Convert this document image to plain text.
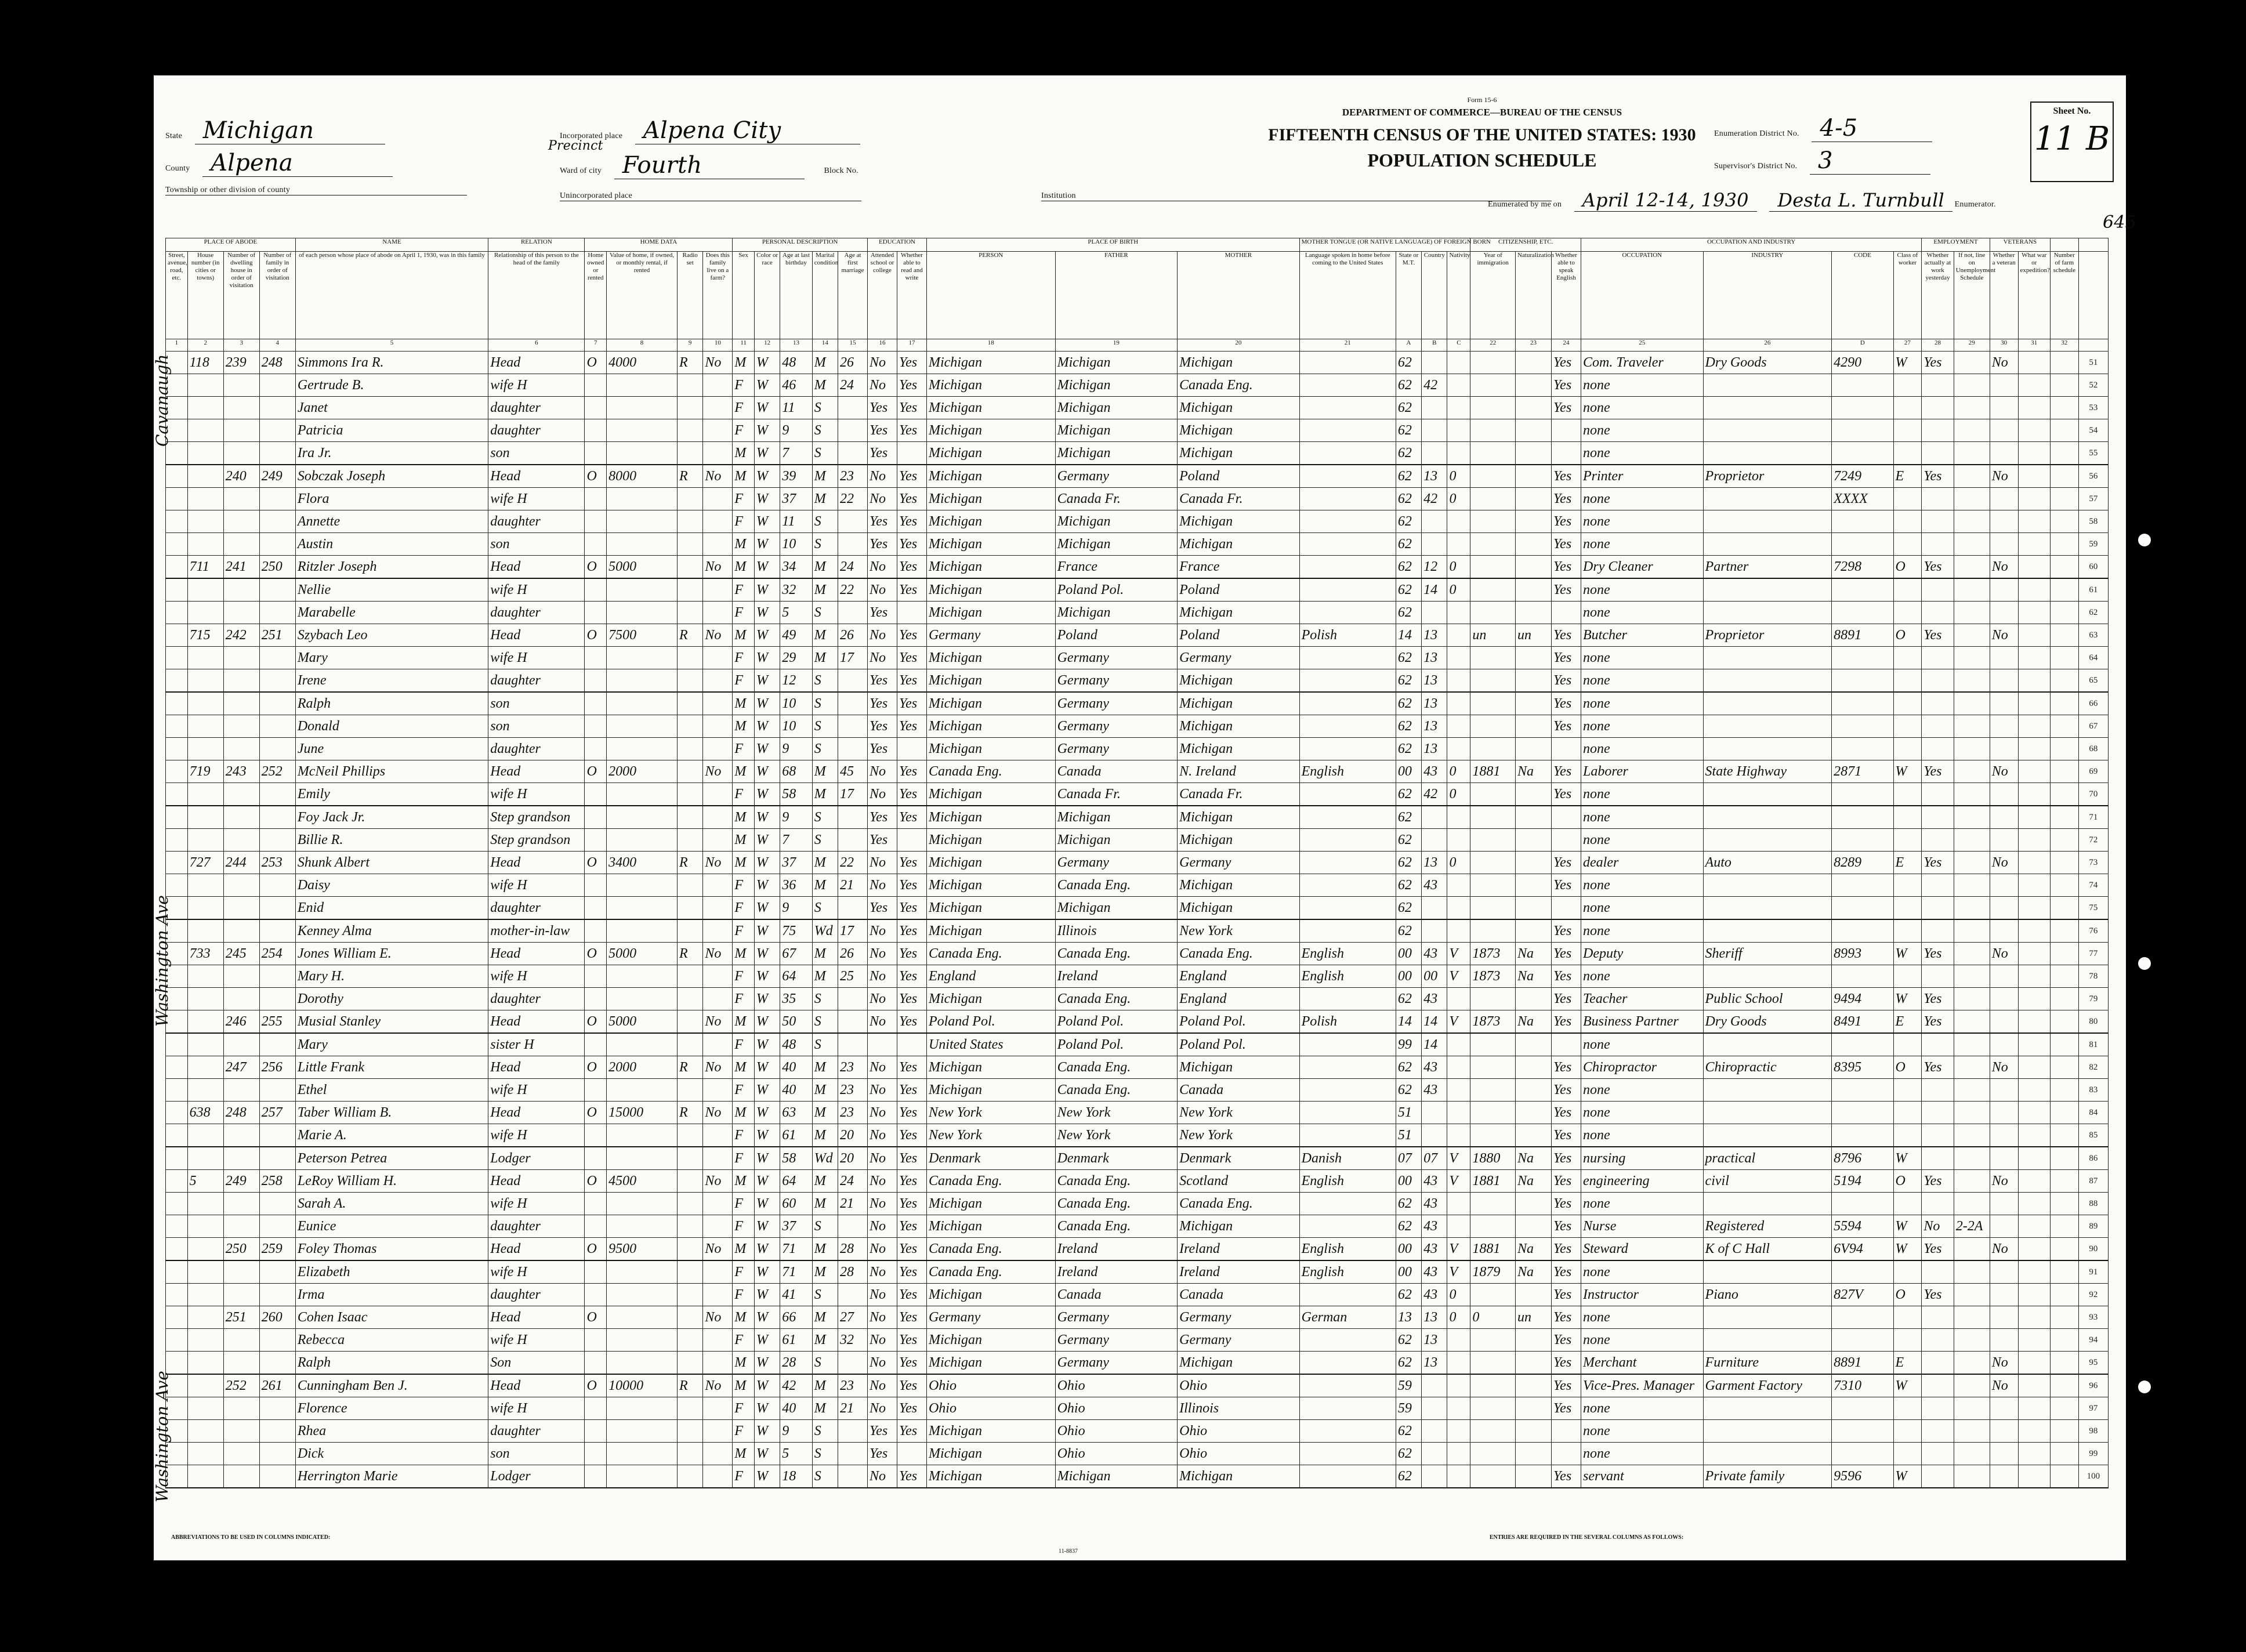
State Michigan
County Alpena
Township or other division of county
Incorporated place Alpena City
Precinct
Ward of city Fourth	Block No.
Unincorporated place	Institution
Form 15-6
DEPARTMENT OF COMMERCE—BUREAU OF THE CENSUS
FIFTEENTH CENSUS OF THE UNITED STATES: 1930
POPULATION SCHEDULE
Enumeration District No. 4-5
Supervisor's District No. 3
Enumerated by me on April 12-14, 1930 Desta L. Turnbull Enumerator.
Sheet No.
11 B
645
PLACE OF ABODE				NAME	RELATION	HOME DATA				PERSONAL DESCRIPTION					EDUCATION		PLACE OF BIRTH			MOTHER TONGUE (OR NATIVE LANGUAGE) OF FOREIGN BORN				CITIZENSHIP, ETC.			OCCUPATION AND INDUSTRY				EMPLOYMENT		VETERANS			
Street, avenue, road, etc.	House number (in cities or towns)	Number of dwelling house in order of visitation	Number of family in order of visitation	of each person whose place of abode on April 1, 1930, was in this family	Relationship of this person to the head of the family	Home owned or rented	Value of home, if owned, or monthly rental, if rented	Radio set	Does this family live on a farm?	Sex	Color or race	Age at last birthday	Marital condition	Age at first marriage	Attended school or college	Whether able to read and write	PERSON	FATHER	MOTHER	Language spoken in home before coming to the United States	State or M.T.	Country	Nativity	Year of immigration	Naturalization	Whether able to speak English	OCCUPATION	INDUSTRY	CODE	Class of worker	Whether actually at work yesterday	If not, line on Unemployment Schedule	Whether a veteran	What war or expedition?	Number of farm schedule	
1	2	3	4	5	6	7	8	9	10	11	12	13	14	15	16	17	18	19	20	21	A	B	C	22	23	24	25	26	D	27	28	29	30	31	32	
	118	239	248	Simmons Ira R.	Head	O	4000	R	No	M	W	48	M	26	No	Yes	Michigan	Michigan	Michigan		62					Yes	Com. Traveler	Dry Goods	4290	W	Yes		No			51
				Gertrude B.	wife H					F	W	46	M	24	No	Yes	Michigan	Michigan	Canada Eng.		62	42				Yes	none									52
				Janet	daughter					F	W	11	S		Yes	Yes	Michigan	Michigan	Michigan		62					Yes	none									53
				Patricia	daughter					F	W	9	S		Yes	Yes	Michigan	Michigan	Michigan		62						none									54
				Ira Jr.	son					M	W	7	S		Yes		Michigan	Michigan	Michigan		62						none									55
		240	249	Sobczak Joseph	Head	O	8000	R	No	M	W	39	M	23	No	Yes	Michigan	Germany	Poland		62	13	0			Yes	Printer	Proprietor	7249	E	Yes		No			56
				Flora	wife H					F	W	37	M	22	No	Yes	Michigan	Canada Fr.	Canada Fr.		62	42	0			Yes	none		XXXX							57
				Annette	daughter					F	W	11	S		Yes	Yes	Michigan	Michigan	Michigan		62					Yes	none									58
				Austin	son					M	W	10	S		Yes	Yes	Michigan	Michigan	Michigan		62					Yes	none									59
	711	241	250	Ritzler Joseph	Head	O	5000		No	M	W	34	M	24	No	Yes	Michigan	France	France		62	12	0			Yes	Dry Cleaner	Partner	7298	O	Yes		No			60
				Nellie	wife H					F	W	32	M	22	No	Yes	Michigan	Poland Pol.	Poland		62	14	0			Yes	none									61
				Marabelle	daughter					F	W	5	S		Yes		Michigan	Michigan	Michigan		62						none									62
	715	242	251	Szybach Leo	Head	O	7500	R	No	M	W	49	M	26	No	Yes	Germany	Poland	Poland	Polish	14	13		un	un	Yes	Butcher	Proprietor	8891	O	Yes		No			63
				Mary	wife H					F	W	29	M	17	No	Yes	Michigan	Germany	Germany		62	13				Yes	none									64
				Irene	daughter					F	W	12	S		Yes	Yes	Michigan	Germany	Michigan		62	13				Yes	none									65
				Ralph	son					M	W	10	S		Yes	Yes	Michigan	Germany	Michigan		62	13				Yes	none									66
				Donald	son					M	W	10	S		Yes	Yes	Michigan	Germany	Michigan		62	13				Yes	none									67
				June	daughter					F	W	9	S		Yes		Michigan	Germany	Michigan		62	13					none									68
	719	243	252	McNeil Phillips	Head	O	2000		No	M	W	68	M	45	No	Yes	Canada Eng.	Canada	N. Ireland	English	00	43	0	1881	Na	Yes	Laborer	State Highway	2871	W	Yes		No			69
				Emily	wife H					F	W	58	M	17	No	Yes	Michigan	Canada Fr.	Canada Fr.		62	42	0			Yes	none									70
				Foy Jack Jr.	Step grandson					M	W	9	S		Yes	Yes	Michigan	Michigan	Michigan		62						none									71
				Billie R.	Step grandson					M	W	7	S		Yes		Michigan	Michigan	Michigan		62						none									72
	727	244	253	Shunk Albert	Head	O	3400	R	No	M	W	37	M	22	No	Yes	Michigan	Germany	Germany		62	13	0			Yes	dealer	Auto	8289	E	Yes		No			73
				Daisy	wife H					F	W	36	M	21	No	Yes	Michigan	Canada Eng.	Michigan		62	43				Yes	none									74
				Enid	daughter					F	W	9	S		Yes	Yes	Michigan	Michigan	Michigan		62						none									75
				Kenney Alma	mother-in-law					F	W	75	Wd	17	No	Yes	Michigan	Illinois	New York		62					Yes	none									76
	733	245	254	Jones William E.	Head	O	5000	R	No	M	W	67	M	26	No	Yes	Canada Eng.	Canada Eng.	Canada Eng.	English	00	43	V	1873	Na	Yes	Deputy	Sheriff	8993	W	Yes		No			77
				Mary H.	wife H					F	W	64	M	25	No	Yes	England	Ireland	England	English	00	00	V	1873	Na	Yes	none									78
				Dorothy	daughter					F	W	35	S		No	Yes	Michigan	Canada Eng.	England		62	43				Yes	Teacher	Public School	9494	W	Yes					79
		246	255	Musial Stanley	Head	O	5000		No	M	W	50	S		No	Yes	Poland Pol.	Poland Pol.	Poland Pol.	Polish	14	14	V	1873	Na	Yes	Business Partner	Dry Goods	8491	E	Yes					80
				Mary	sister H					F	W	48	S				United States	Poland Pol.	Poland Pol.		99	14					none									81
		247	256	Little Frank	Head	O	2000	R	No	M	W	40	M	23	No	Yes	Michigan	Canada Eng.	Michigan		62	43				Yes	Chiropractor	Chiropractic	8395	O	Yes		No			82
				Ethel	wife H					F	W	40	M	23	No	Yes	Michigan	Canada Eng.	Canada		62	43				Yes	none									83
	638	248	257	Taber William B.	Head	O	15000	R	No	M	W	63	M	23	No	Yes	New York	New York	New York		51					Yes	none									84
				Marie A.	wife H					F	W	61	M	20	No	Yes	New York	New York	New York		51					Yes	none									85
				Peterson Petrea	Lodger					F	W	58	Wd	20	No	Yes	Denmark	Denmark	Denmark	Danish	07	07	V	1880	Na	Yes	nursing	practical	8796	W						86
	5	249	258	LeRoy William H.	Head	O	4500		No	M	W	64	M	24	No	Yes	Canada Eng.	Canada Eng.	Scotland	English	00	43	V	1881	Na	Yes	engineering	civil	5194	O	Yes		No			87
				Sarah A.	wife H					F	W	60	M	21	No	Yes	Michigan	Canada Eng.	Canada Eng.		62	43				Yes	none									88
				Eunice	daughter					F	W	37	S		No	Yes	Michigan	Canada Eng.	Michigan		62	43				Yes	Nurse	Registered	5594	W	No	2-2A				89
		250	259	Foley Thomas	Head	O	9500		No	M	W	71	M	28	No	Yes	Canada Eng.	Ireland	Ireland	English	00	43	V	1881	Na	Yes	Steward	K of C Hall	6V94	W	Yes		No			90
				Elizabeth	wife H					F	W	71	M	28	No	Yes	Canada Eng.	Ireland	Ireland	English	00	43	V	1879	Na	Yes	none									91
				Irma	daughter					F	W	41	S		No	Yes	Michigan	Canada	Canada		62	43	0			Yes	Instructor	Piano	827V	O	Yes					92
		251	260	Cohen Isaac	Head	O			No	M	W	66	M	27	No	Yes	Germany	Germany	Germany	German	13	13	0	0	un	Yes	none									93
				Rebecca	wife H					F	W	61	M	32	No	Yes	Michigan	Germany	Germany		62	13				Yes	none									94
				Ralph	Son					M	W	28	S		No	Yes	Michigan	Germany	Michigan		62	13				Yes	Merchant	Furniture	8891	E			No			95
		252	261	Cunningham Ben J.	Head	O	10000	R	No	M	W	42	M	23	No	Yes	Ohio	Ohio	Ohio		59					Yes	Vice-Pres. Manager	Garment Factory	7310	W			No			96
				Florence	wife H					F	W	40	M	21	No	Yes	Ohio	Ohio	Illinois		59					Yes	none									97
				Rhea	daughter					F	W	9	S		Yes	Yes	Michigan	Ohio	Ohio		62						none									98
				Dick	son					M	W	5	S		Yes		Michigan	Ohio	Ohio		62						none									99
				Herrington Marie	Lodger					F	W	18	S		No	Yes	Michigan	Michigan	Michigan		62					Yes	servant	Private family	9596	W						100
Cavanaugh
Washington Ave
Washington Ave
ABBREVIATIONS TO BE USED IN COLUMNS INDICATED:	ENTRIES ARE REQUIRED IN THE SEVERAL COLUMNS AS FOLLOWS:
11-8837
